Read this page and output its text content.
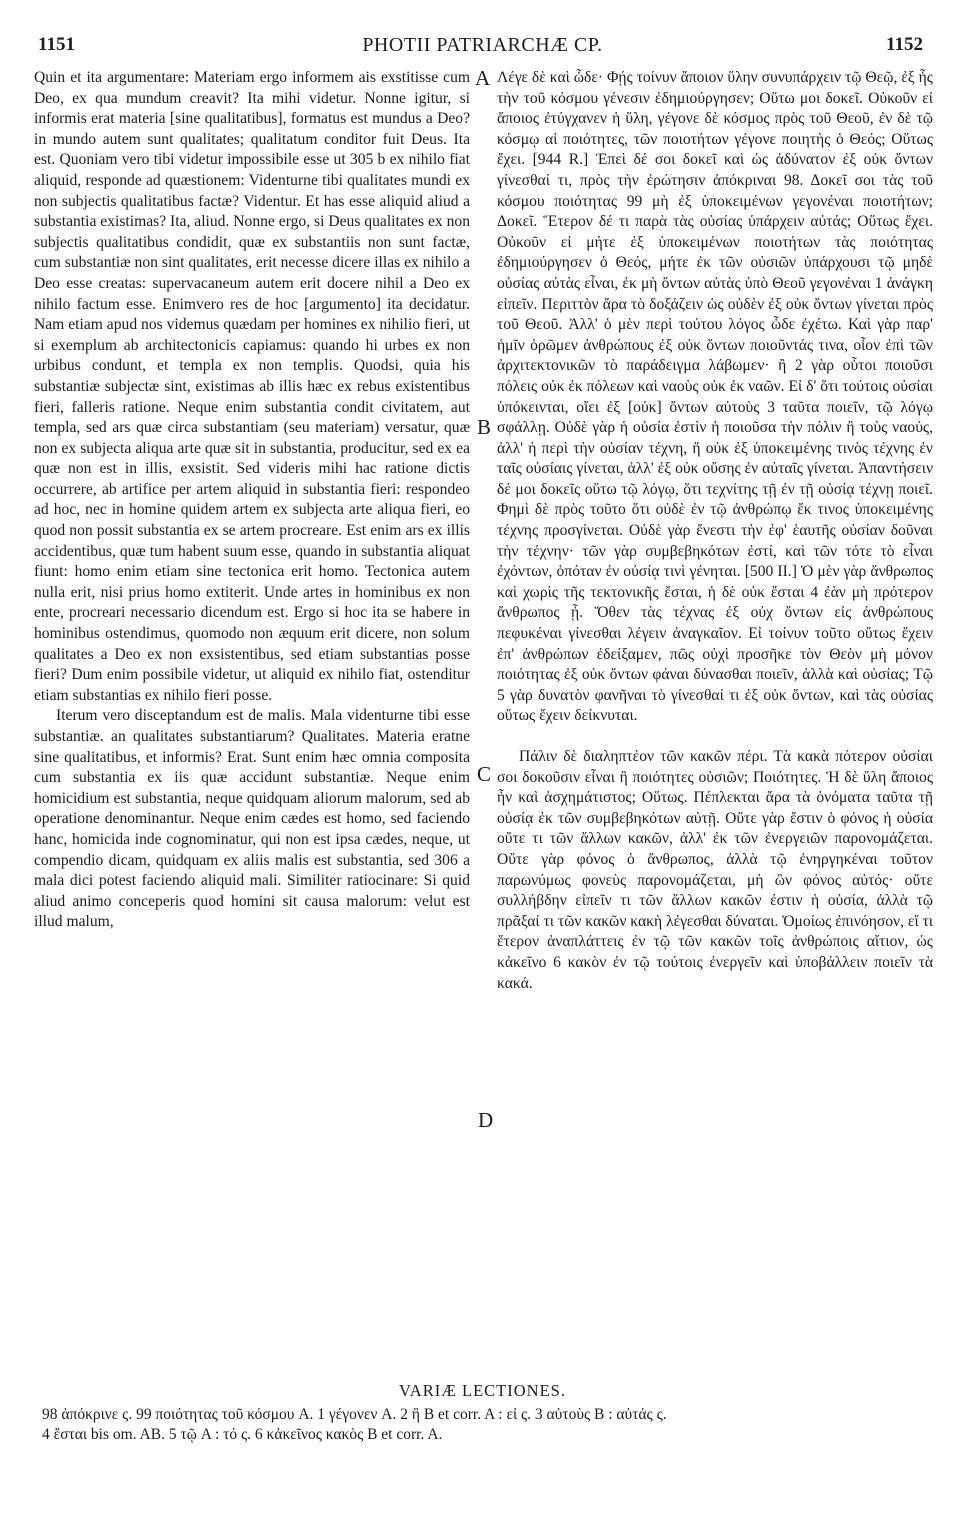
1151	PHOTII PATRIARCHÆ CP.	1152

Quin et ita argumentare: Materiam ergo informem ais exstitisse cum Deo, ex qua mundum creavit? Ita mihi videtur. Nonne igitur, si informis erat materia [sine qualitatibus], formatus est mundus a Deo? in mundo autem sunt qualitates; qualitatum conditor fuit Deus. Ita est. Quoniam vero tibi videtur impossibile esse ut 305 b ex nihilo fiat aliquid, responde ad quæstionem: Videnturne tibi qualitates mundi ex non subjectis qualitatibus factæ? Videntur. Et has esse aliquid aliud a substantia existimas? Ita, aliud. Nonne ergo, si Deus qualitates ex non subjectis qualitatibus condidit, quæ ex substantiis non sunt factæ, cum substantiæ non sint qualitates, erit necesse dicere illas ex nihilo a Deo esse creatas: supervacaneum autem erit docere nihil a Deo ex nihilo factum esse. Enimvero res de hoc [argumento] ita decidatur. Nam etiam apud nos videmus quædam per homines ex nihilio fieri, ut si exemplum ab architectonicis capiamus: quando hi urbes ex non urbibus condunt, et templa ex non templis. Quodsi, quia his substantiæ subjectæ sint, existimas ab illis hæc ex rebus existentibus fieri, falleris ratione. Neque enim substantia condit civitatem, aut templa, sed ars quæ circa substantiam (seu materiam) versatur, quæ non ex subjecta aliqua arte quæ sit in substantia, producitur, sed ex ea quæ non est in illis, exsistit. Sed videris mihi hac ratione dictis occurrere, ab artifice per artem aliquid in substantia fieri: respondeo ad hoc, nec in homine quidem artem ex subjecta arte aliqua fieri, eo quod non possit substantia ex se artem procreare. Est enim ars ex illis accidentibus, quæ tum habent suum esse, quando in substantia aliquat fiunt: homo enim etiam sine tectonica erit homo. Tectonica autem nulla erit, nisi prius homo extiterit. Unde artes in hominibus ex non ente, procreari necessario dicendum est. Ergo si hoc ita se habere in hominibus ostendimus, quomodo non æquum erit dicere, non solum qualitates a Deo ex non exsistentibus, sed etiam substantias posse fieri? Dum enim possibile videtur, ut aliquid ex nihilo fiat, ostenditur etiam substantias ex nihilo fieri posse.

Iterum vero disceptandum est de malis. Mala videnturne tibi esse substantiæ. an qualitates substantiarum? Qualitates. Materia eratne sine qualitatibus, et informis? Erat. Sunt enim hæc omnia composita cum substantia ex iis quæ accidunt substantiæ. Neque enim homicidium est substantia, neque quidquam aliorum malorum, sed ab operatione denominantur. Neque enim cædes est homo, sed faciendo hanc, homicida inde cognominatur, qui non est ipsa cædes, neque, ut compendio dicam, quidquam ex aliis malis est substantia, sed 306 a mala dici potest faciendo aliquid mali. Similiter ratiocinare: Si quid aliud animo conceperis quod homini sit causa malorum: velut est illud malum,

Λέγε δὲ καὶ ὧδε· Φῄς τοίνυν ἄποιον ὕλην συνυπάρχειν τῷ Θεῷ, ἐξ ἧς τὴν τοῦ κόσμου γένεσιν ἐδημιούργησεν; Οὕτω μοι δοκεῖ. Οὐκοῦν εἰ ἄποιος ἐτύγχανεν ἡ ὕλη, γέγονε δὲ κόσμος πρὸς τοῦ Θεοῦ, ἐν δὲ τῷ κόσμῳ αἱ ποιότητες, τῶν ποιοτήτων γέγονε ποιητὴς ὁ Θεός; Οὕτως ἔχει. [944 R.] Ἐπεὶ δέ σοι δοκεῖ καὶ ὡς ἀδύνατον ἐξ οὐκ ὄντων γίνεσθαί τι, πρὸς τὴν ἐρώτησιν ἀπόκριναι 98. Δοκεῖ σοι τὰς τοῦ κόσμου ποιότητας 99 μὴ ἐξ ὑποκειμένων γεγονέναι ποιοτήτων; Δοκεῖ. Ἕτερον δέ τι παρὰ τὰς οὐσίας ὑπάρχειν αὐτάς; Οὕτως ἔχει. Οὐκοῦν εἰ μήτε ἐξ ὑποκειμένων ποιοτήτων τὰς ποιότητας ἐδημιούργησεν ὁ Θεός, μήτε ἐκ τῶν οὐσιῶν ὑπάρχουσι τῷ μηδὲ οὐσίας αὐτὰς εἶναι, ἐκ μὴ ὄντων αὐτὰς ὑπὸ Θεοῦ γεγονέναι 1 ἀνάγκη εἰπεῖν. Περιττὸν ἄρα τὸ δοξάζειν ὡς οὐδὲν ἐξ οὐκ ὄντων γίνεται πρὸς τοῦ Θεοῦ. Ἀλλ' ὁ μὲν περὶ τούτου λόγος ὧδε ἐχέτω. Καὶ γὰρ παρ' ἡμῖν ὁρῶμεν ἀνθρώπους ἐξ οὐκ ὄντων ποιοῦντάς τινα, οἷον ἐπὶ τῶν ἀρχιτεκτονικῶν τὸ παράδειγμα λάβωμεν· ἢ 2 γὰρ οὗτοι ποιοῦσι πόλεις οὐκ ἐκ πόλεων καὶ ναοὺς οὐκ ἐκ ναῶν. Εἰ δ' ὅτι τούτοις οὐσίαι ὑπόκεινται, οἴει ἐξ [οὐκ] ὄντων αὐτοὺς 3 ταῦτα ποιεῖν, τῷ λόγῳ σφάλλῃ. Οὐδὲ γὰρ ἡ οὐσία ἐστὶν ἡ ποιοῦσα τὴν πόλιν ἢ τοὺς ναούς, ἀλλ' ἡ περὶ τὴν οὐσίαν τέχνη, ἥ οὐκ ἐξ ὑποκειμένης τινὸς τέχνης ἐν ταῖς οὐσίαις γίνεται, ἀλλ' ἐξ οὐκ οὔσης ἐν αὐταῖς γίνεται. Ἀπαντήσειν δέ μοι δοκεῖς οὕτω τῷ λόγῳ, ὅτι τεχνίτης τῇ ἐν τῇ οὐσίᾳ τέχνῃ ποιεῖ. Φημὶ δὲ πρὸς τοῦτο ὅτι οὐδὲ ἐν τῷ ἀνθρώπῳ ἔκ τινος ὑποκειμένης τέχνης προσγίνεται. Οὐδὲ γὰρ ἔνεστι τὴν ἐφ' ἑαυτῆς οὐσίαν δοῦναι τὴν τέχνην· τῶν γὰρ συμβεβηκότων ἐστί, καὶ τῶν τότε τὸ εἶναι ἐχόντων, ὁπόταν ἐν οὐσίᾳ τινὶ γένηται. [500 II.] Ὁ μὲν γὰρ ἄνθρωπος καὶ χωρὶς τῆς τεκτονικῆς ἔσται, ἡ δὲ οὐκ ἔσται 4 ἐὰν μὴ πρότερον ἄνθρωπος ᾖ. Ὅθεν τὰς τέχνας ἐξ οὐχ ὄντων εἰς ἀνθρώπους πεφυκέναι γίνεσθαι λέγειν ἀναγκαῖον. Εἰ τοίνυν τοῦτο οὕτως ἔχειν ἐπ' ἀνθρώπων ἐδείξαμεν, πῶς οὐχὶ προσῆκε τὸν Θεὸν μὴ μόνον ποιότητας ἐξ οὐκ ὄντων φάναι δύνασθαι ποιεῖν, ἀλλὰ καὶ οὐσίας; Τῷ 5 γὰρ δυνατὸν φανῆναι τὸ γίνεσθαί τι ἐξ οὐκ ὄντων, καὶ τὰς οὐσίας οὕτως ἔχειν δείκνυται.

Πάλιν δὲ διαληπτέον τῶν κακῶν πέρι. Τὰ κακὰ πότερον οὐσίαι σοι δοκοῦσιν εἶναι ἢ ποιότητες οὐσιῶν; Ποιότητες. Ἡ δὲ ὕλη ἄποιος ἦν καὶ ἀσχημάτιστος; Οὕτως. Πέπλεκται ἄρα τὰ ὀνόματα ταῦτα τῇ οὐσίᾳ ἐκ τῶν συμβεβηκότων αὐτῇ. Οὔτε γὰρ ἔστιν ὁ φόνος ἡ οὐσία οὔτε τι τῶν ἄλλων κακῶν, ἀλλ' ἐκ τῶν ἐνεργειῶν παρονομάζεται. Οὔτε γὰρ φόνος ὁ ἄνθρωπος, ἀλλὰ τῷ ἐνηργηκέναι τοῦτον παρωνύμως φονεὺς παρονομάζεται, μὴ ὢν φόνος αὐτός· οὔτε συλλήβδην εἰπεῖν τι τῶν ἄλλων κακῶν ἐστιν ἡ οὐσία, ἀλλὰ τῷ πρᾶξαί τι τῶν κακῶν κακὴ λέγεσθαι δύναται. Ὁμοίως ἐπινόησον, εἴ τι ἕτερον ἀναπλάττεις ἐν τῷ τῶν κακῶν τοῖς ἀνθρώποις αἴτιον, ὡς κἀκεῖνο 6 κακὸν ἐν τῷ τούτοις ἐνεργεῖν καὶ ὑποβάλλειν ποιεῖν τὰ κακά.

A
B
C
D
VARIÆ LECTIONES.
98 ἀπόκρινε ς. 99 ποιότητας τοῦ κόσμου A. 1 γέγονεν A. 2 ἢ B et corr. A : εἰ ς. 3 αὐτοὺς B : αὐτάς ς.
4 ἔσται bis om. AB. 5 τῷ A : τό ς. 6 κἀκεῖνος κακὸς B et corr. A.
